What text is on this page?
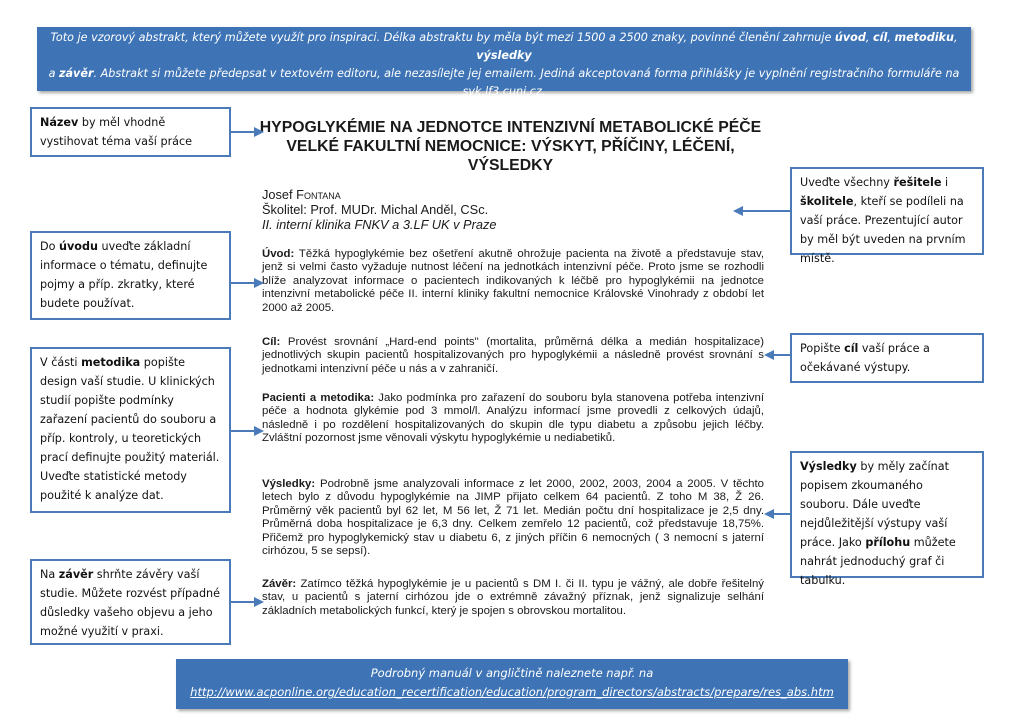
Toto je vzorový abstrakt, který můžete využít pro inspiraci. Délka abstraktu by měla být mezi 1500 a 2500 znaky, povinné členění zahrnuje úvod, cíl, metodiku, výsledky
a závěr. Abstrakt si můžete předepsat v textovém editoru, ale nezasílejte jej emailem. Jediná akceptovaná forma přihlášky je vyplnění registračního formuláře na
svk.lf3.cuni.cz.
HYPOGLYKÉMIE NA JEDNOTCE INTENZIVNÍ METABOLICKÉ PÉČE VELKÉ FAKULTNÍ NEMOCNICE: VÝSKYT, PŘÍČINY, LÉČENÍ, VÝSLEDKY
Josef Fontana
Školitel: Prof. MUDr. Michal Anděl, CSc.
II. interní klinika FNKV a 3.LF UK v Praze
Úvod: Těžká hypoglykémie bez ošetření akutně ohrožuje pacienta na životě a představuje stav, jenž si velmi často vyžaduje nutnost léčení na jednotkách intenzivní péče. Proto jsme se rozhodli blíže analyzovat informace o pacientech indikovaných k léčbě pro hypoglykémii na jednotce intenzivní metabolické péče II. interní kliniky fakultní nemocnice Královské Vinohrady z období let 2000 až 2005.
Cíl: Provést srovnání „Hard-end points" (mortalita, průměrná délka a medián hospitalizace) jednotlivých skupin pacientů hospitalizovaných pro hypoglykémii a následně provést srovnání s jednotkami intenzivní péče u nás a v zahraničí.
Pacienti a metodika: Jako podmínka pro zařazení do souboru byla stanovena potřeba intenzivní péče a hodnota glykémie pod 3 mmol/l. Analýzu informací jsme provedli z celkových údajů, následně i po rozdělení hospitalizovaných do skupin dle typu diabetu a způsobu jejich léčby. Zvláštní pozornost jsme věnovali výskytu hypoglykémie u nediabetiků.
Výsledky: Podrobně jsme analyzovali informace z let 2000, 2002, 2003, 2004 a 2005. V těchto letech bylo z důvodu hypoglykémie na JIMP přijato celkem 64 pacientů. Z toho M 38, Ž 26. Průměrný věk pacientů byl 62 let, M 56 let, Ž 71 let. Medián počtu dní hospitalizace je 2,5 dny. Průměrná doba hospitalizace je 6,3 dny. Celkem zemřelo 12 pacientů, což představuje 18,75%. Přičemž pro hypoglykemický stav u diabetu 6, z jiných příčin 6 nemocných ( 3 nemocní s jaterní cirhózou, 5 se sepsí).
Závěr: Zatímco těžká hypoglykémie je u pacientů s DM I. či II. typu je vážný, ale dobře řešitelný stav, u pacientů s jaterní cirhózou jde o extrémně závažný příznak, jenž signalizuje selhání základních metabolických funkcí, který je spojen s obrovskou mortalitou.
Název by měl vhodně vystihovat téma vaší práce
Do úvodu uveďte základní informace o tématu, definujte pojmy a příp. zkratky, které budete používat.
V části metodika popište design vaší studie. U klinických studií popište podmínky zařazení pacientů do souboru a příp. kontroly, u teoretických prací definujte použitý materiál. Uveďte statistické metody použité k analýze dat.
Na závěr shrňte závěry vaší studie. Můžete rozvést případné důsledky vašeho objevu a jeho možné využití v praxi.
Uveďte všechny řešitele i školitele, kteří se podíleli na vaší práce. Prezentující autor by měl být uveden na prvním místě.
Popište cíl vaší práce a očekávané výstupy.
Výsledky by měly začínat popisem zkoumaného souboru. Dále uveďte nejdůležitější výstupy vaší práce. Jako přílohu můžete nahrát jednoduchý graf či tabulku.
Podrobný manuál v angličtině naleznete např. na
http://www.acponline.org/education_recertification/education/program_directors/abstracts/prepare/res_abs.htm
